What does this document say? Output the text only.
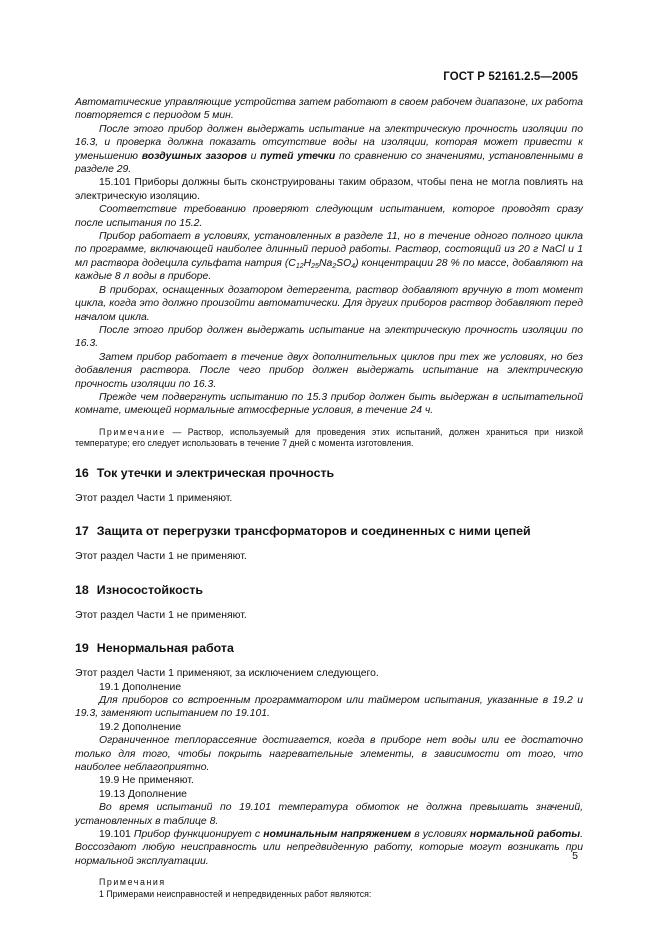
ГОСТ Р 52161.2.5—2005

Автоматические управляющие устройства затем работают в своем рабочем диапазоне, их работа повторяется с периодом 5 мин.

После этого прибор должен выдержать испытание на электрическую прочность изоляции по 16.3, и проверка должна показать отсутствие воды на изоляции, которая может привести к уменьшению воздушных зазоров и путей утечки по сравнению со значениями, установленными в разделе 29.

15.101 Приборы должны быть сконструированы таким образом, чтобы пена не могла повлиять на электрическую изоляцию.

Соответствие требованию проверяют следующим испытанием, которое проводят сразу после испытания по 15.2.

Прибор работает в условиях, установленных в разделе 11, но в течение одного полного цикла по программе, включающей наиболее длинный период работы. Раствор, состоящий из 20 г NaCl и 1 мл раствора додецила сульфата натрия $(C_{12}H_{25}Na_2SO_4)$ концентрации 28 % по массе, добавляют на каждые 8 л воды в приборе.

В приборах, оснащенных дозатором детергента, раствор добавляют вручную в тот момент цикла, когда это должно произойти автоматически. Для других приборов раствор добавляют перед началом цикла.

После этого прибор должен выдержать испытание на электрическую прочность изоляции по 16.3.

Затем прибор работает в течение двух дополнительных циклов при тех же условиях, но без добавления раствора. После чего прибор должен выдержать испытание на электрическую прочность изоляции по 16.3.

Прежде чем подвергнуть испытанию по 15.3 прибор должен быть выдержан в испытательной комнате, имеющей нормальные атмосферные условия, в течение 24 ч.

Примечание — Раствор, используемый для проведения этих испытаний, должен храниться при низкой температуре; его следует использовать в течение 7 дней с момента изготовления.

16 Ток утечки и электрическая прочность

Этот раздел Части 1 применяют.

17 Защита от перегрузки трансформаторов и соединенных с ними цепей

Этот раздел Части 1 не применяют.

18 Износостойкость

Этот раздел Части 1 не применяют.

19 Ненормальная работа

Этот раздел Части 1 применяют, за исключением следующего.

19.1 Дополнение

Для приборов со встроенным программатором или таймером испытания, указанные в 19.2 и 19.3, заменяют испытанием по 19.101.

19.2 Дополнение

Ограниченное теплорассеяние достигается, когда в приборе нет воды или ее достаточно только для того, чтобы покрыть нагревательные элементы, в зависимости от того, что наиболее неблагоприятно.

19.9 Не применяют.

19.13 Дополнение

Во время испытаний по 19.101 температура обмоток не должна превышать значений, установленных в таблице 8.

19.101 Прибор функционирует с номинальным напряжением в условиях нормальной работы. Воссоздают любую неисправность или непредвиденную работу, которые могут возникать при нормальной эксплуатации.

Примечания

1 Примерами неисправностей и непредвиденных работ являются:

5
